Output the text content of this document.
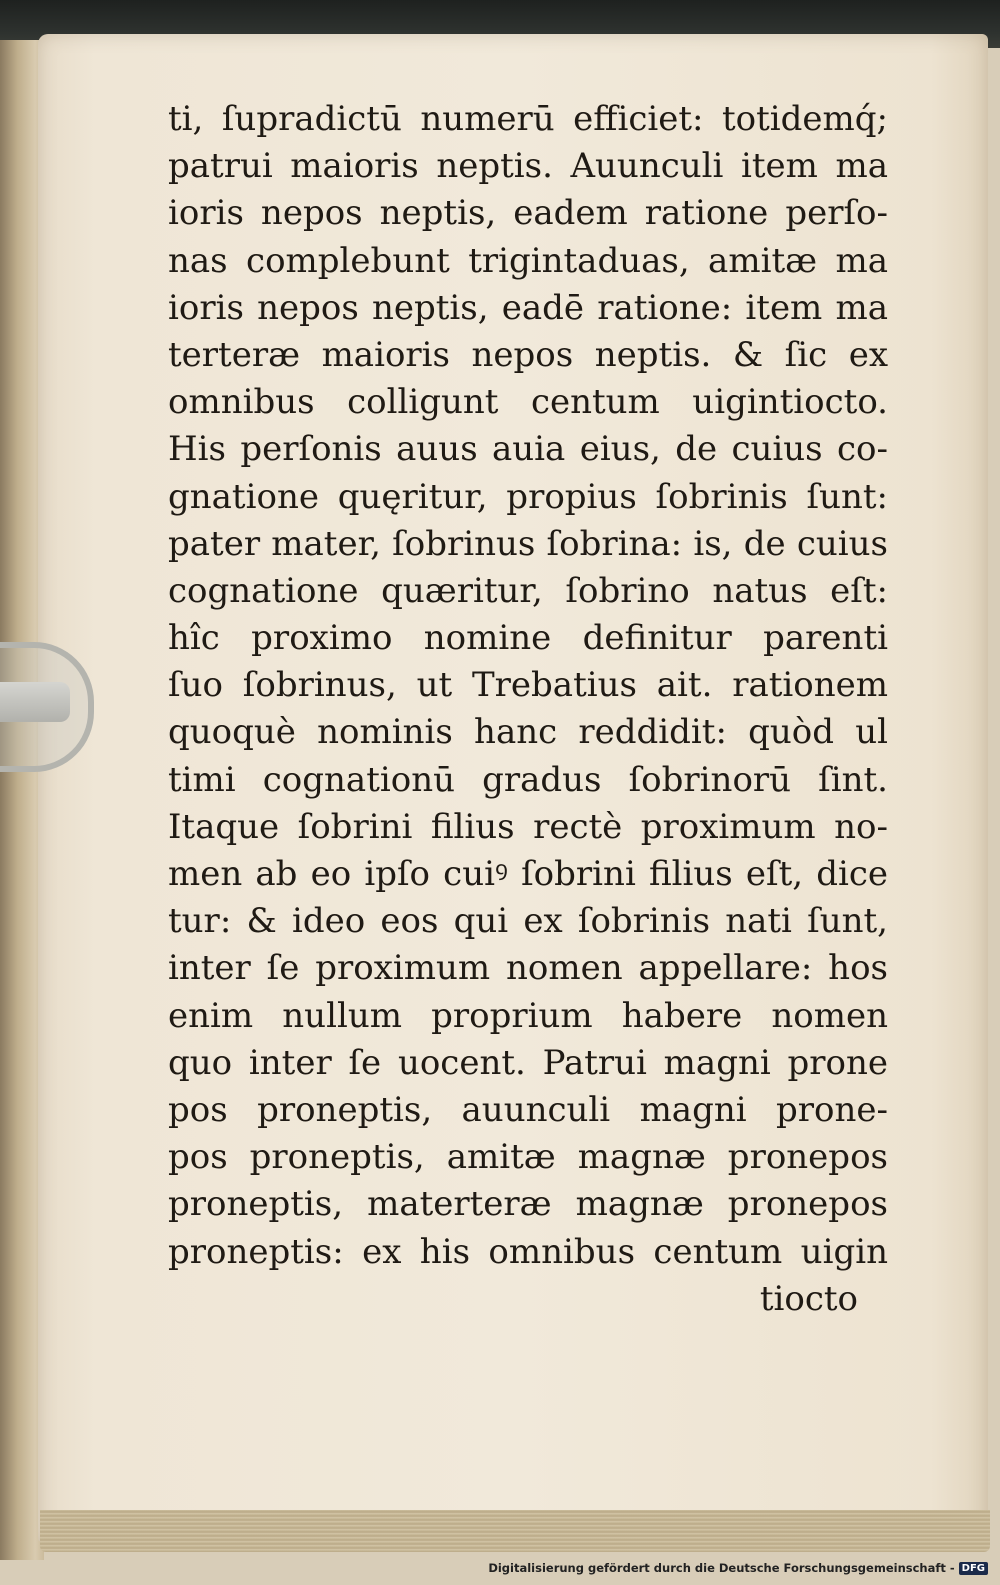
ti, ſupradictū numerū efficiet: totidemq́;
patrui maioris neptis. Auunculi item ma
ioris nepos neptis, eadem ratione perſo-
nas complebunt trigintaduas, amitæ ma
ioris nepos neptis, eadē ratione: item ma
terteræ maioris nepos neptis. & ſic ex
omnibus colligunt centum uigintiocto.
His perſonis auus auia eius, de cuius co-
gnatione quęritur, propius ſobrinis ſunt:
pater mater, ſobrinus ſobrina: is, de cuius
cognatione quæritur, ſobrino natus eſt:
hîc proximo nomine definitur parenti
ſuo ſobrinus, ut Trebatius ait. rationem
quoquè nominis hanc reddidit: quòd ul
timi cognationū gradus ſobrinorū ſint.
Itaque ſobrini filius rectè proximum no-
men ab eo ipſo cuiꝰ ſobrini filius eſt, dice
tur: & ideo eos qui ex ſobrinis nati ſunt,
inter ſe proximum nomen appellare: hos
enim nullum proprium habere nomen
quo inter ſe uocent. Patrui magni prone
pos proneptis, auunculi magni prone-
pos proneptis, amitæ magnæ pronepos
proneptis, materteræ magnæ pronepos
proneptis: ex his omnibus centum uigin
tiocto
Digitalisierung gefördert durch die Deutsche Forschungsgemeinschaft - DFG
